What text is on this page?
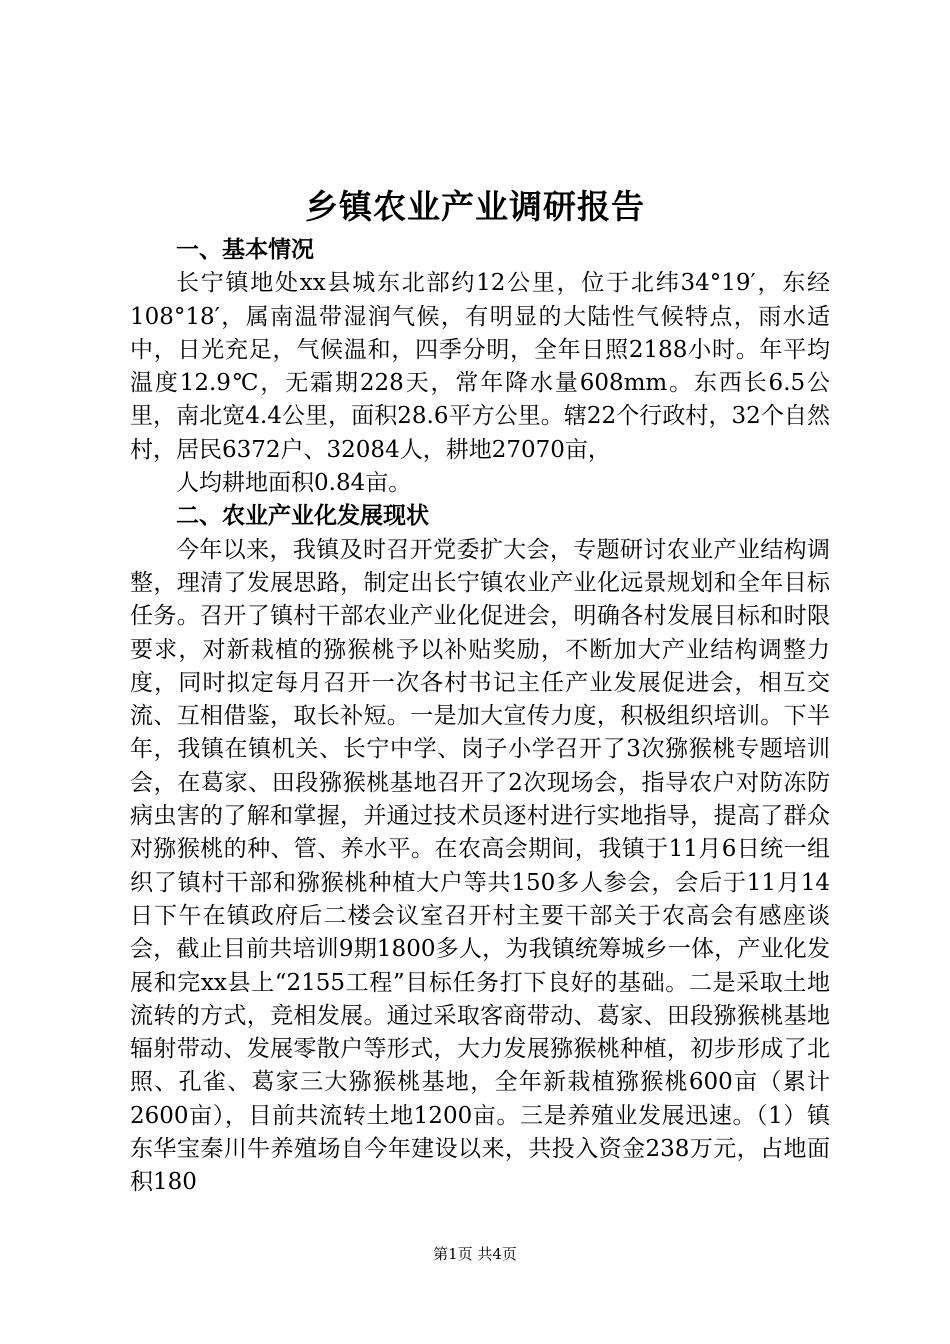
乡镇农业产业调研报告
一、基本情况

长宁镇地处xx县城东北部约12公里，位于北纬34°19′，东经108°18′，属南温带湿润气候，有明显的大陆性气候特点，雨水适中，日光充足，气候温和，四季分明，全年日照2188小时。年平均温度12.9℃，无霜期228天，常年降水量608mm。东西长6.5公里，南北宽4.4公里，面积28.6平方公里。辖22个行政村，32个自然村，居民6372户、32084人，耕地27070亩，

人均耕地面积0.84亩。

二、农业产业化发展现状

今年以来，我镇及时召开党委扩大会，专题研讨农业产业结构调整，理清了发展思路，制定出长宁镇农业产业化远景规划和全年目标任务。召开了镇村干部农业产业化促进会，明确各村发展目标和时限要求，对新栽植的猕猴桃予以补贴奖励，不断加大产业结构调整力度，同时拟定每月召开一次各村书记主任产业发展促进会，相互交流、互相借鉴，取长补短。一是加大宣传力度，积极组织培训。下半年，我镇在镇机关、长宁中学、岗子小学召开了3次猕猴桃专题培训会，在葛家、田段猕猴桃基地召开了2次现场会，指导农户对防冻防病虫害的了解和掌握，并通过技术员逐村进行实地指导，提高了群众对猕猴桃的种、管、养水平。在农高会期间，我镇于11月6日统一组织了镇村干部和猕猴桃种植大户等共150多人参会，会后于11月14日下午在镇政府后二楼会议室召开村主要干部关于农高会有感座谈会，截止目前共培训9期1800多人，为我镇统筹城乡一体，产业化发展和完xx县上“2155工程”目标任务打下良好的基础。二是采取土地流转的方式，竞相发展。通过采取客商带动、葛家、田段猕猴桃基地辐射带动、发展零散户等形式，大力发展猕猴桃种植，初步形成了北照、孔雀、葛家三大猕猴桃基地，全年新栽植猕猴桃600亩（累计2600亩），目前共流转土地1200亩。三是养殖业发展迅速。（1）镇东华宝秦川牛养殖场自今年建设以来，共投入资金238万元，占地面积180

第1页 共4页
